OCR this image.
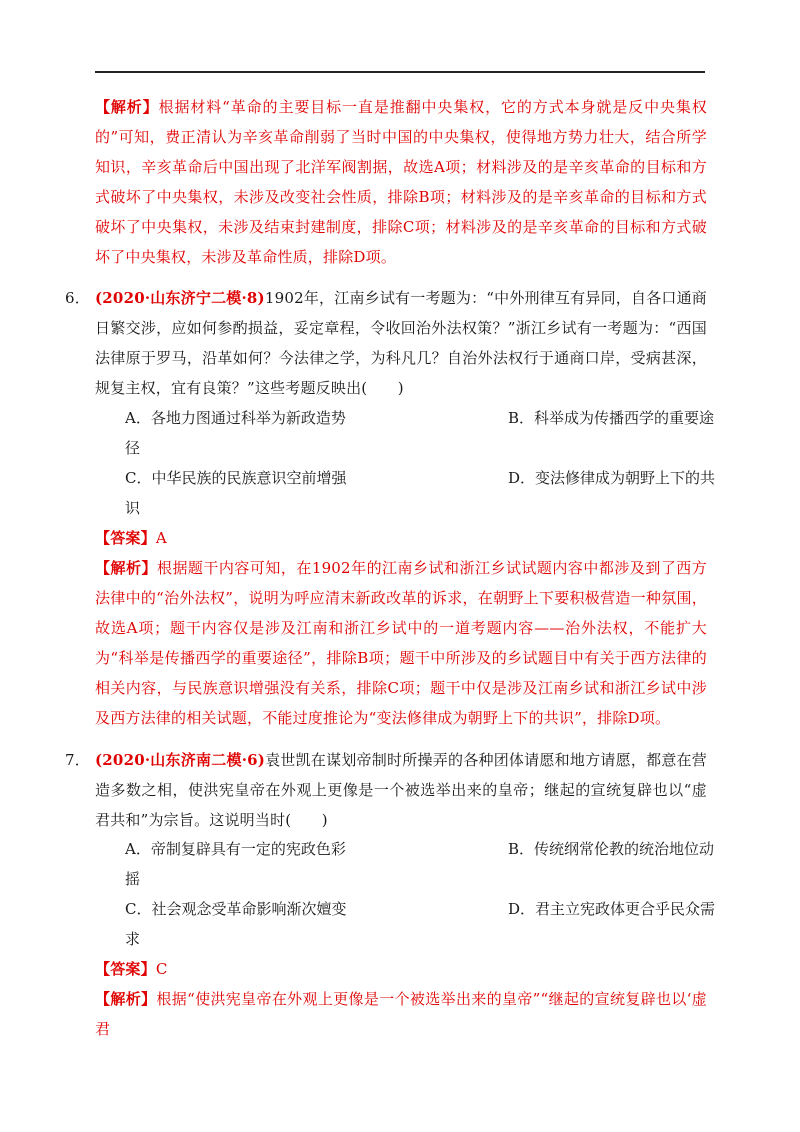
【解析】根据材料“革命的主要目标一直是推翻中央集权，它的方式本身就是反中央集权的”可知，费正清认为辛亥革命削弱了当时中国的中央集权，使得地方势力壮大，结合所学知识，辛亥革命后中国出现了北洋军阀割据，故选A项；材料涉及的是辛亥革命的目标和方式破坏了中央集权，未涉及改变社会性质，排除B项；材料涉及的是辛亥革命的目标和方式破坏了中央集权，未涉及结束封建制度，排除C项；材料涉及的是辛亥革命的目标和方式破坏了中央集权，未涉及革命性质，排除D项。
6． (2020·山东济宁二模·8)1902年，江南乡试有一考题为：“中外刑律互有异同，自各口通商日繁交涉，应如何参酌损益，妥定章程，令收回治外法权策？”浙江乡试有一考题为：“西国法律原于罗马，沿革如何？今法律之学，为科凡几？自治外法权行于通商口岸，受病甚深，规复主权，宜有良策？”这些考题反映出(　　)
A．各地力图通过科举为新政造势	B．科举成为传播西学的重要途
径
C．中华民族的民族意识空前增强	D．变法修律成为朝野上下的共
识
【答案】A
【解析】根据题干内容可知，在1902年的江南乡试和浙江乡试试题内容中都涉及到了西方法律中的“治外法权”，说明为呼应清末新政改革的诉求，在朝野上下要积极营造一种氛围，故选A项；题干内容仅是涉及江南和浙江乡试中的一道考题内容——治外法权，不能扩大为“科举是传播西学的重要途径”，排除B项；题干中所涉及的乡试题目中有关于西方法律的相关内容，与民族意识增强没有关系，排除C项；题干中仅是涉及江南乡试和浙江乡试中涉及西方法律的相关试题，不能过度推论为“变法修律成为朝野上下的共识”，排除D项。
7． (2020·山东济南二模·6)袁世凯在谋划帝制时所操弄的各种团体请愿和地方请愿，都意在营造多数之相，使洪宪皇帝在外观上更像是一个被选举出来的皇帝；继起的宣统复辟也以“虚君共和”为宗旨。这说明当时(　　)
A．帝制复辟具有一定的宪政色彩	B．传统纲常伦教的统治地位动
摇
C．社会观念受革命影响渐次嬗变	D．君主立宪政体更合乎民众需
求
【答案】C
【解析】根据“使洪宪皇帝在外观上更像是一个被选举出来的皇帝”“继起的宣统复辟也以‘虚君
